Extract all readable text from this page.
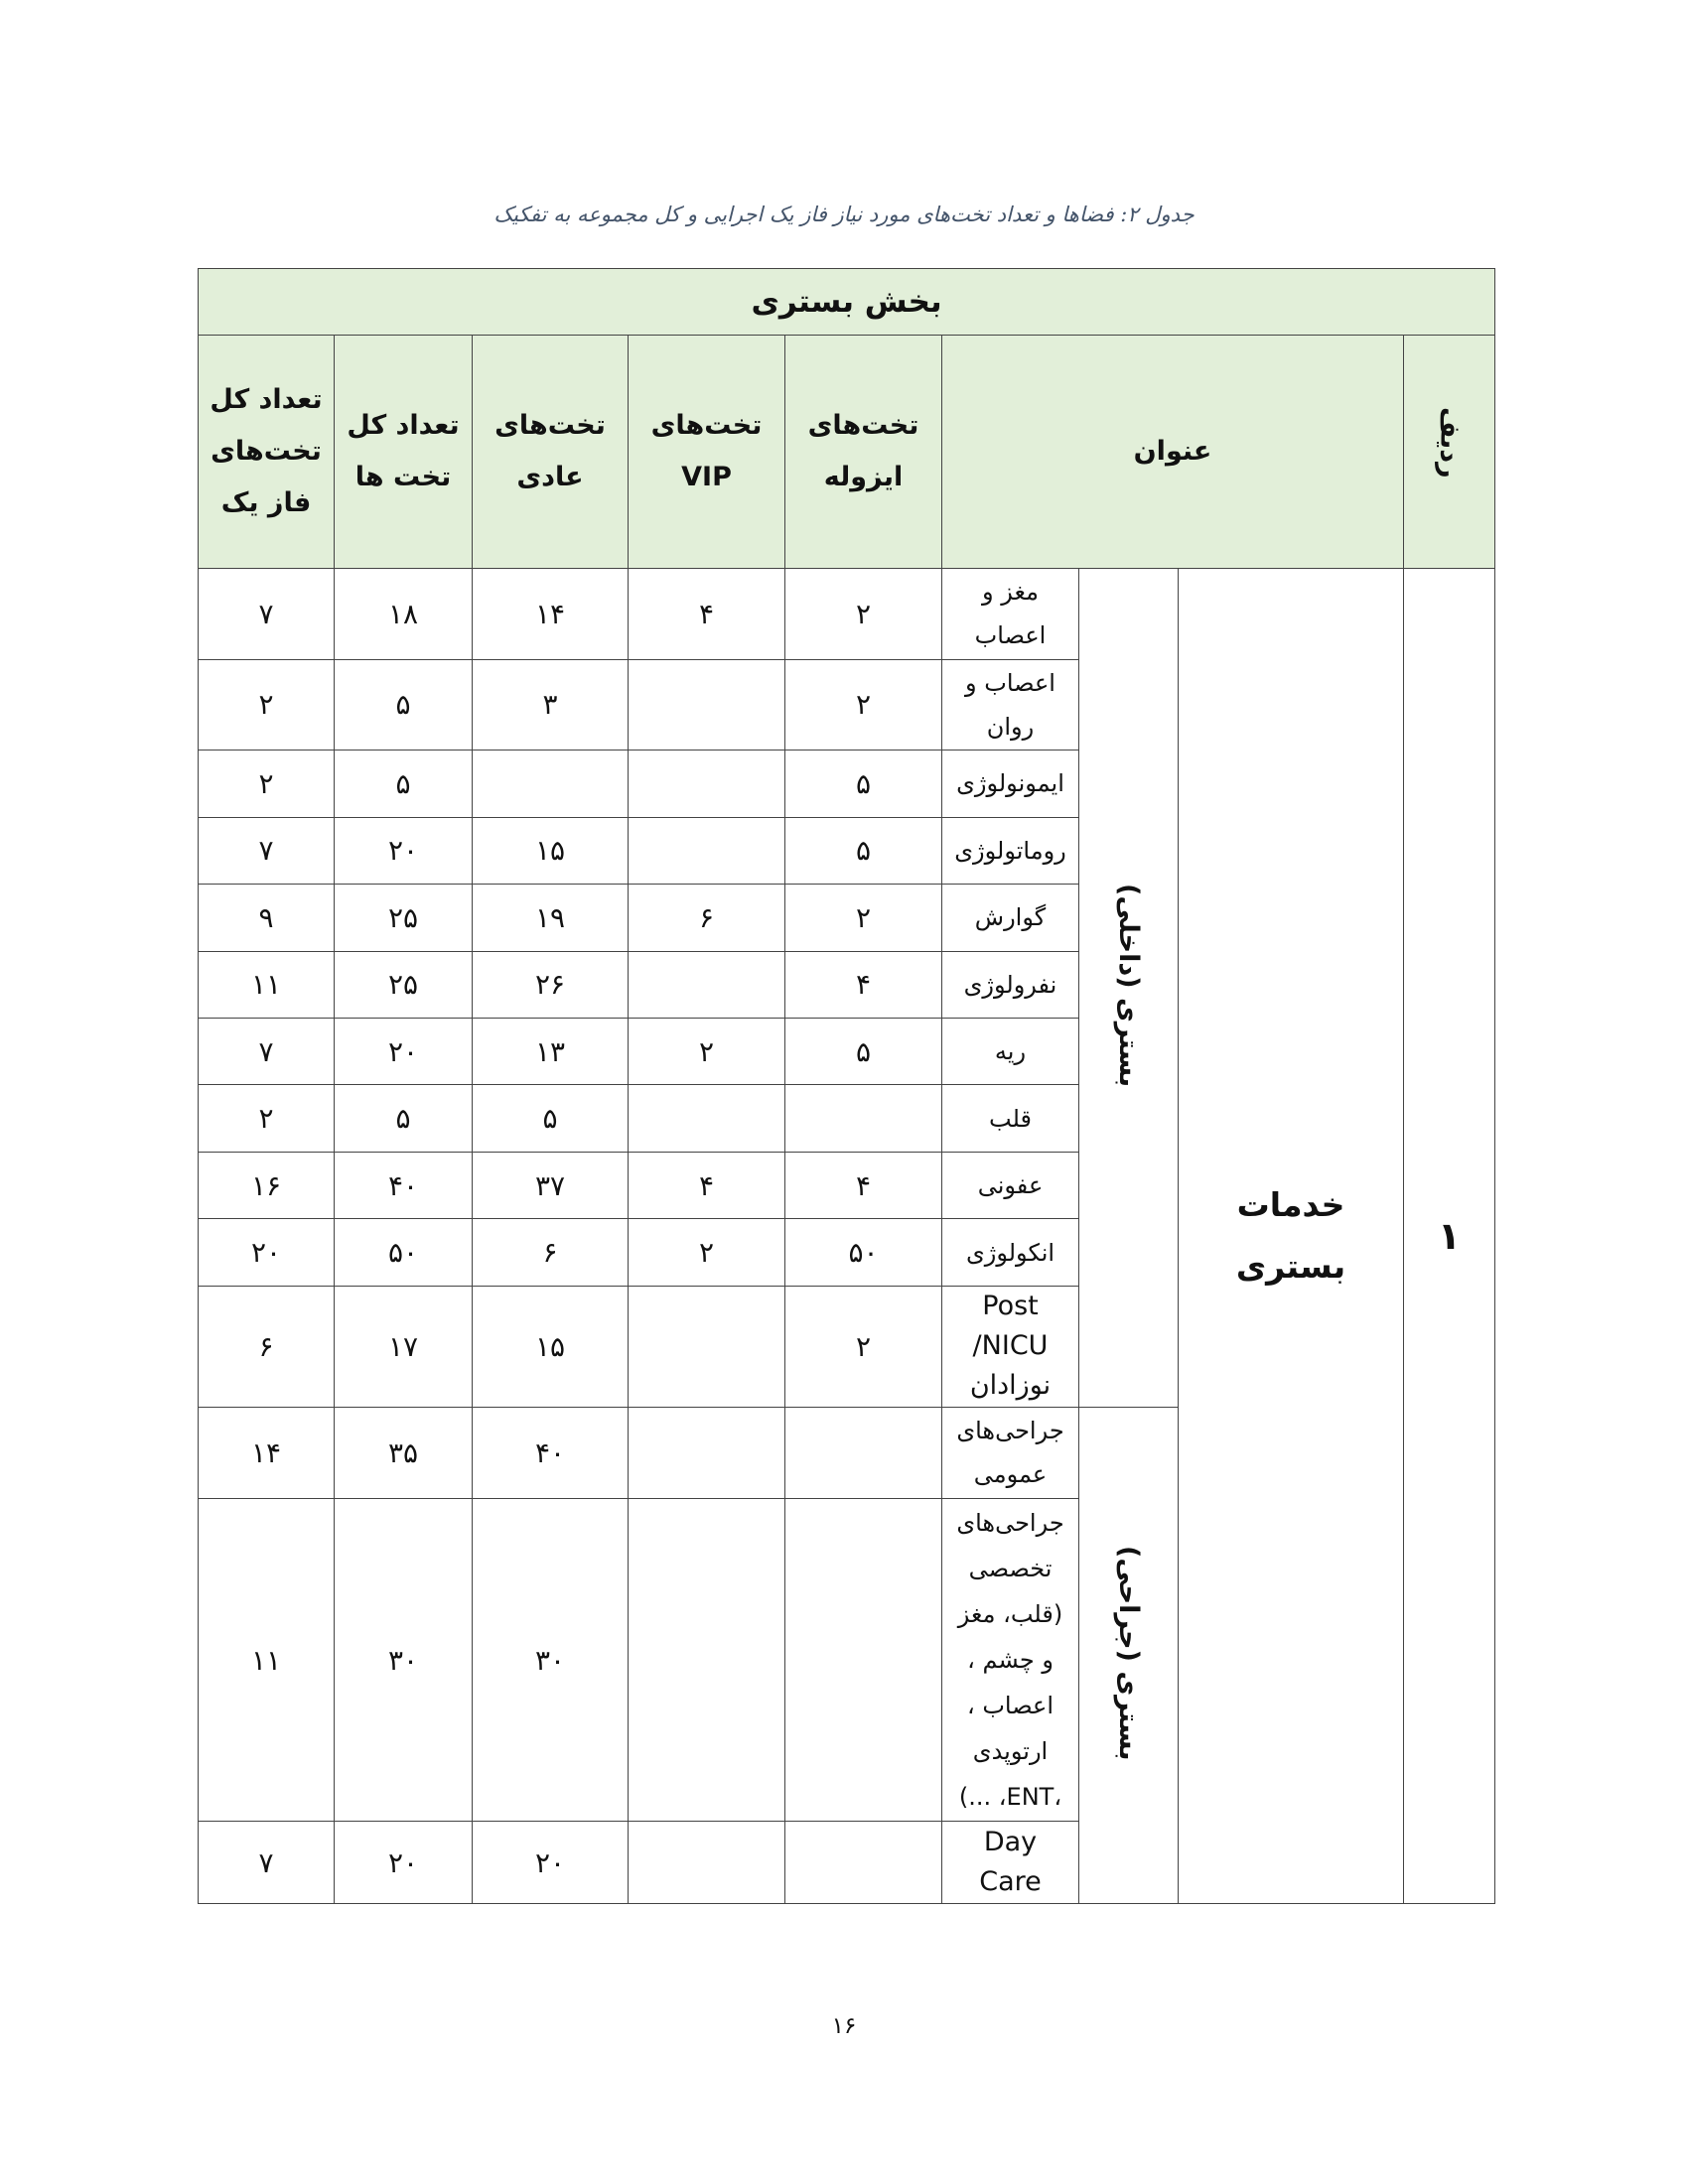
جدول ۲: فضاها و تعداد تخت‌های مورد نیاز فاز یک اجرایی و کل مجموعه به تفکیک
بخش بستری								
تعداد کل تخت‌های فاز یک	تعداد کل تخت ها	تخت‌های عادی	تخت‌های VIP	تخت‌های ایزوله	عنوان			ردیف
۷	۱۸	۱۴	۴	۲	مغز و اعصاب	بستری (داخلی)	خدمات بستری	۱
۲	۵	۳		۲	اعصاب و روان			
۲	۵			۵	ایمونولوژی			
۷	۲۰	۱۵		۵	روماتولوژی			
۹	۲۵	۱۹	۶	۲	گوارش			
۱۱	۲۵	۲۶		۴	نفرولوژی			
۷	۲۰	۱۳	۲	۵	ریه			
۲	۵	۵			قلب			
۱۶	۴۰	۳۷	۴	۴	عفونی			
۲۰	۵۰	۶	۲	۵۰	انکولوژی			
۶	۱۷	۱۵		۲	Post NICU/ نوزادان			
۱۴	۳۵	۴۰			جراحی‌های عمومی	بستری (جراحی)		
۱۱	۳۰	۳۰			جراحی‌های تخصصی (قلب، مغز و چشم ، اعصاب ، ارتوپدی ،ENT، ...)			
۷	۲۰	۲۰			Day Care			
۱۶
